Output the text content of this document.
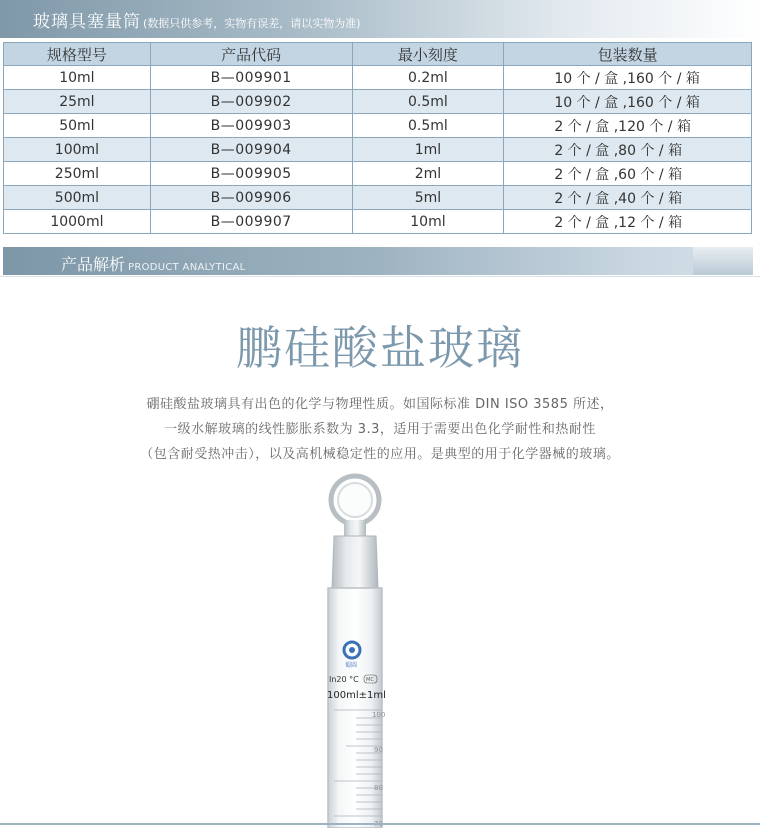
玻璃具塞量筒 (数据只供参考，实物有误差，请以实物为准)
规格型号	产品代码	最小刻度	包装数量
10ml	B—009901	0.2ml	10 个 / 盒 ,160 个 / 箱
25ml	B—009902	0.5ml	10 个 / 盒 ,160 个 / 箱
50ml	B—009903	0.5ml	2 个 / 盒 ,120 个 / 箱
100ml	B—009904	1ml	2 个 / 盒 ,80 个 / 箱
250ml	B—009905	2ml	2 个 / 盒 ,60 个 / 箱
500ml	B—009906	5ml	2 个 / 盒 ,40 个 / 箱
1000ml	B—009907	10ml	2 个 / 盒 ,12 个 / 箱
产品解析 PRODUCT ANALYTICAL
鹏硅酸盐玻璃
硼硅酸盐玻璃具有出色的化学与物理性质。如国际标准 DIN ISO 3585 所述，
一级水解玻璃的线性膨胀系数为 3.3，适用于需要出色化学耐性和热耐性
（包含耐受热冲击），以及高机械稳定性的应用。是典型的用于化学器械的玻璃。
蜀圆
In20 °C MC
100ml±1ml
100
90
80
